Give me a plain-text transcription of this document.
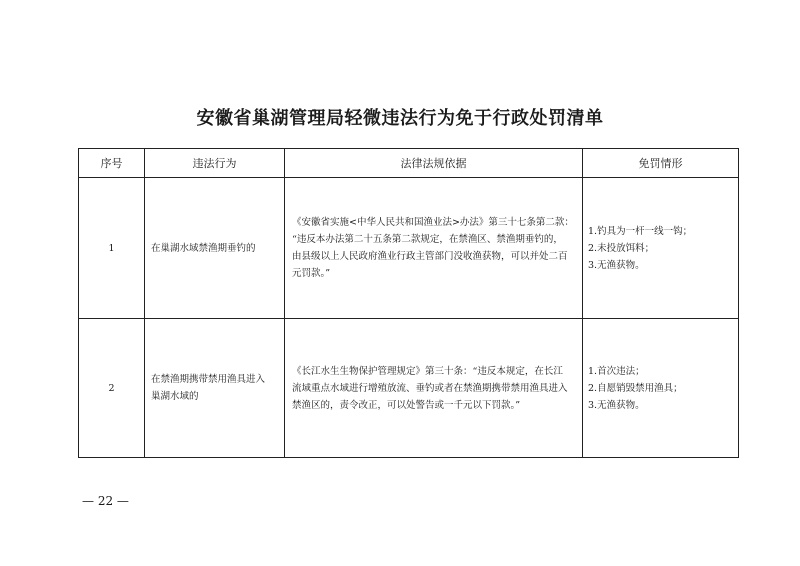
安徽省巢湖管理局轻微违法行为免于行政处罚清单
序号	违法行为	法律法规依据	免罚情形
1	在巢湖水域禁渔期垂钓的	《安徽省实施<中华人民共和国渔业法>办法》第三十七条第二款：
“违反本办法第二十五条第二款规定，在禁渔区、禁渔期垂钓的，
由县级以上人民政府渔业行政主管部门没收渔获物，可以并处二百
元罚款。”	1.钓具为一杆一线一钩；
2.未投放饵料；
3.无渔获物。

2	在禁渔期携带禁用渔具进入
巢湖水域的	《长江水生生物保护管理规定》第三十条：“违反本规定，在长江
流域重点水域进行增殖放流、垂钓或者在禁渔期携带禁用渔具进入
禁渔区的，责令改正，可以处警告或一千元以下罚款。”	1.首次违法；
2.自愿销毁禁用渔具；
3.无渔获物。
— 22 —
